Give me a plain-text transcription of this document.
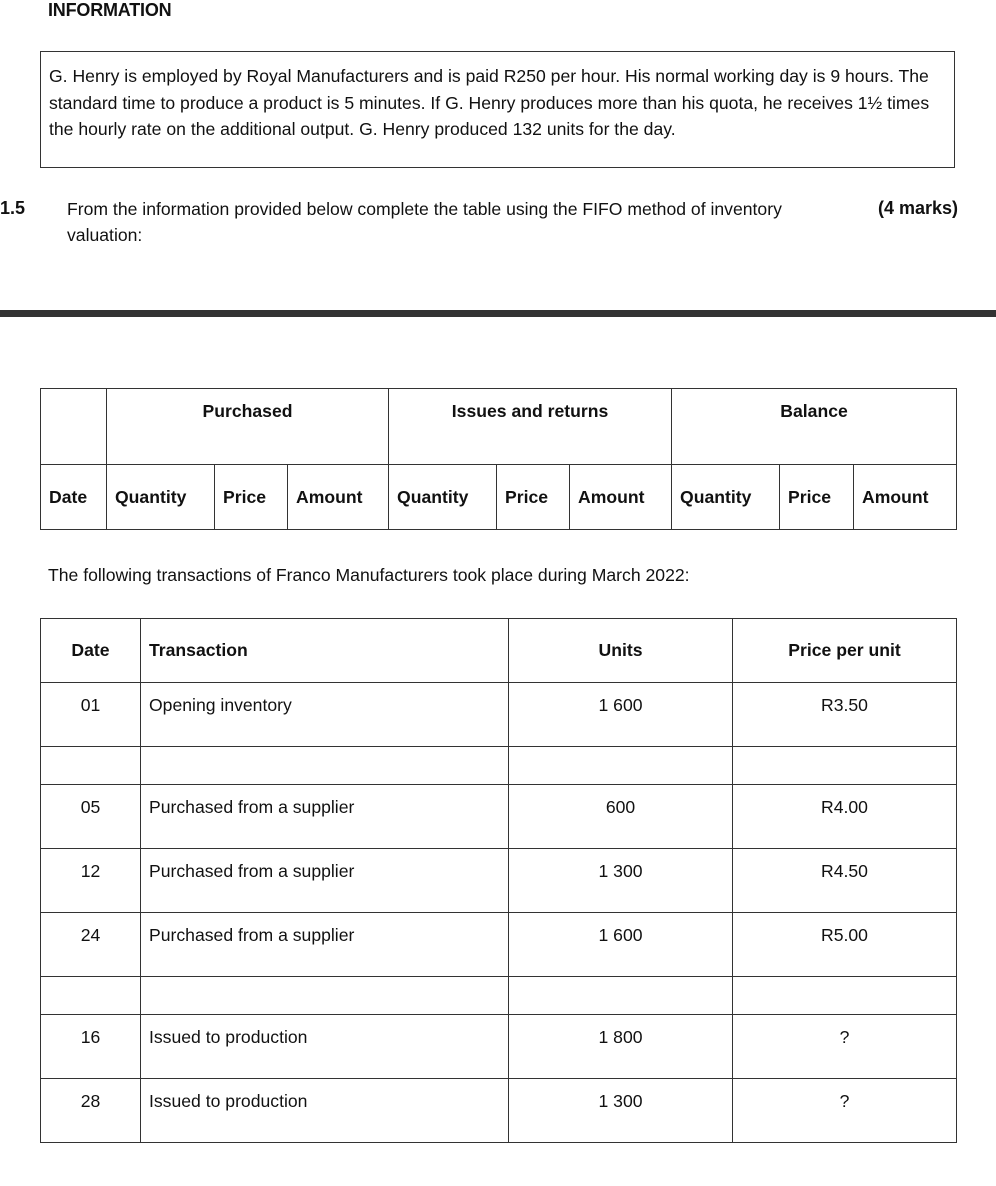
INFORMATION
G. Henry is employed by Royal Manufacturers and is paid R250 per hour. His normal working day is 9 hours. The standard time to produce a product is 5 minutes. If G. Henry produces more than his quota, he receives 1½ times the hourly rate on the additional output. G. Henry produced 132 units for the day.
1.5 From the information provided below complete the table using the FIFO method of inventory valuation:
(4 marks)
	Purchased			Issues and returns			Balance		
Date	Quantity	Price	Amount	Quantity	Price	Amount	Quantity	Price	Amount
The following transactions of Franco Manufacturers took place during March 2022:
Date	Transaction	Units	Price per unit
01	Opening inventory	1 600	R3.50

05	Purchased from a supplier	600	R4.00
12	Purchased from a supplier	1 300	R4.50
24	Purchased from a supplier	1 600	R5.00

16	Issued to production	1 800	?
28	Issued to production	1 300	?
